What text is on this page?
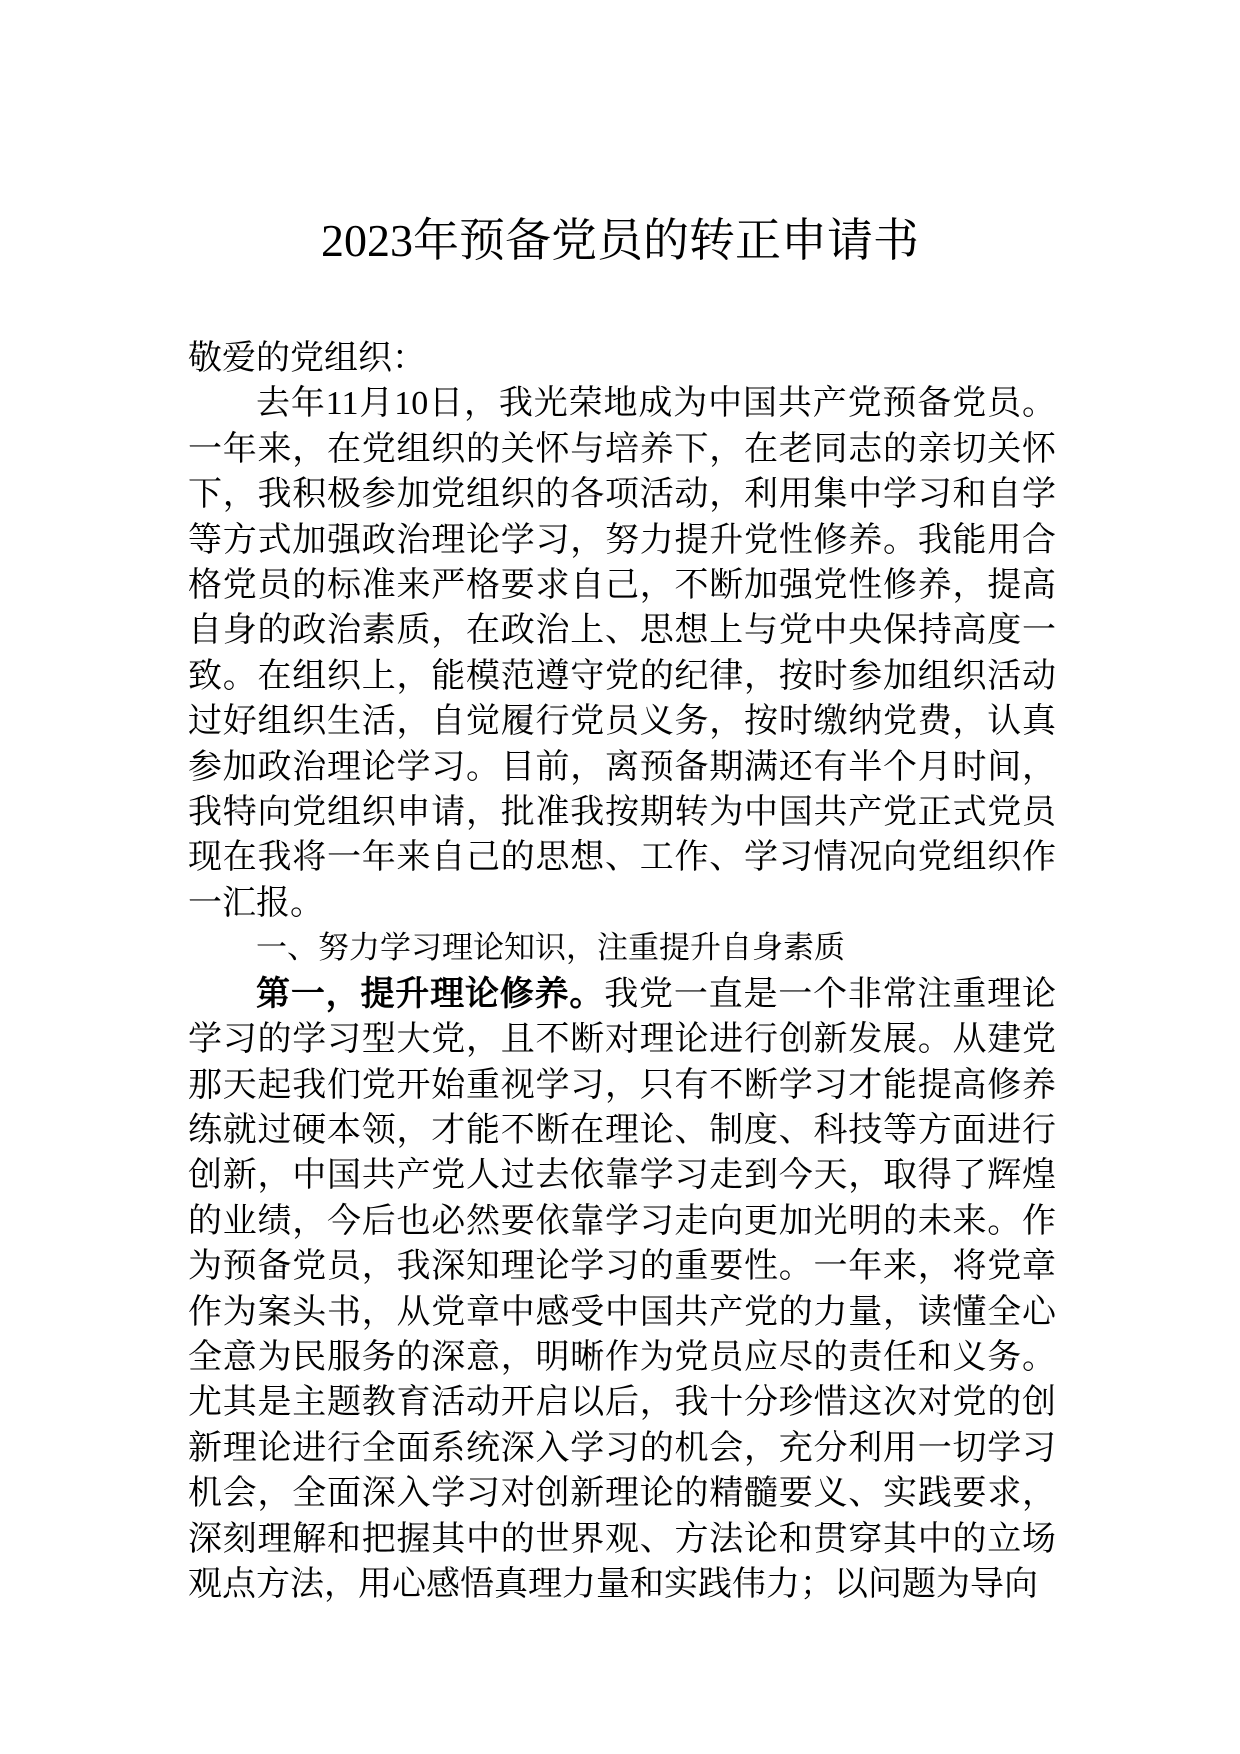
2023年预备党员的转正申请书

敬爱的党组织：

去年11月10日，我光荣地成为中国共产党预备党员。一年来，在党组织的关怀与培养下，在老同志的亲切关怀下，我积极参加党组织的各项活动，利用集中学习和自学等方式加强政治理论学习，努力提升党性修养。我能用合格党员的标准来严格要求自己，不断加强党性修养，提高自身的政治素质，在政治上、思想上与党中央保持高度一致。在组织上，能模范遵守党的纪律，按时参加组织活动过好组织生活，自觉履行党员义务，按时缴纳党费，认真参加政治理论学习。目前，离预备期满还有半个月时间，我特向党组织申请，批准我按期转为中国共产党正式党员现在我将一年来自己的思想、工作、学习情况向党组织作一汇报。

一、努力学习理论知识，注重提升自身素质

第一，提升理论修养。我党一直是一个非常注重理论学习的学习型大党，且不断对理论进行创新发展。从建党那天起我们党开始重视学习，只有不断学习才能提高修养练就过硬本领，才能不断在理论、制度、科技等方面进行创新，中国共产党人过去依靠学习走到今天，取得了辉煌的业绩，今后也必然要依靠学习走向更加光明的未来。作为预备党员，我深知理论学习的重要性。一年来，将党章作为案头书，从党章中感受中国共产党的力量，读懂全心全意为民服务的深意，明晰作为党员应尽的责任和义务。尤其是主题教育活动开启以后，我十分珍惜这次对党的创新理论进行全面系统深入学习的机会，充分利用一切学习机会，全面深入学习对创新理论的精髓要义、实践要求，深刻理解和把握其中的世界观、方法论和贯穿其中的立场观点方法，用心感悟真理力量和实践伟力；以问题为导向
